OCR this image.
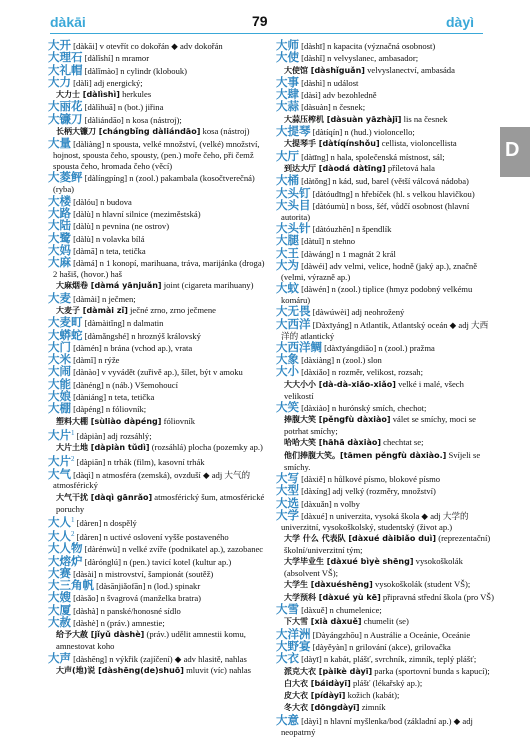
dàkāi	79	dàyì
D
大开 [dàkāi] v otevřít co dokořán ◆ adv dokořán
大理石 [dàlǐshí] n mramor
大礼帽 [dàlǐmào] n cylindr (klobouk)
大力 [dàlì] adj energický;
大力士 [dàlìshì] herkules
大丽花 [dàlìhuā] n (bot.) jiřina
大镰刀 [dàliándāo] n kosa (nástroj);
长柄大镰刀 [chángbǐng dàliándāo] kosa (nástroj)
大量 [dàliàng] n spousta, velké množství, (velké) množství, hojnost, spousta čeho, spousty, (pen.) moře čeho, při čemž spousta čeho, hromada čeho (věcí)
大菱鲆 [dàlíngpíng] n (zool.) pakambala (kosočtverečná) (ryba)
大楼 [dàlóu] n budova
大路 [dàlù] n hlavní silnice (meziměstská)
大陆 [dàlù] n pevnina (ne ostrov)
大鹭 [dàlù] n volavka bílá
大妈 [dàmā] n teta, tetička
大麻 [dàmá] n 1 konopí, marihuana, tráva, marijánka (droga) 2 hašiš, (hovor.) haš
大麻烟卷 [dàmá yānjuǎn] joint (cigareta marihuany)
大麦 [dàmài] n ječmen;
大麦子 [dàmài zǐ] ječné zrno, zrno ječmene
大麦町 [dàmàitǐng] n dalmatin
大蟒蛇 [dàmǎngshé] n hroznýš královský
大门 [dàmén] n brána (vchod ap.), vrata
大米 [dàmǐ] n rýže
大闹 [dànào] v vyvádět (zuřivě ap.), šílet, být v amoku
大能 [dànéng] n (náb.) Všemohoucí
大娘 [dàniáng] n teta, tetička
大棚 [dàpéng] n fóliovník;
塑料大棚 [sùliào dàpéng] fóliovník
大片$^1$ [dàpiàn] adj rozsáhlý;
大片土地 [dàpiàn tǔdì] (rozsáhlá) plocha (pozemky ap.)
大片$^2$ [dàpiān] n trhák (film), kasovní trhák
大气 [dàqì] n atmosféra (zemská), ovzduší ◆ adj 大气的 atmosférický
大气干扰 [dàqì gānrǎo] atmosférický šum, atmosférické poruchy
大人$^1$ [dàren] n dospělý
大人$^2$ [dàren] n uctivé oslovení vyšše postaveného
大人物 [dàrénwù] n velké zvíře (podnikatel ap.), zazobanec
大熔炉 [dàróng​lú] n (pen.) tavicí kotel (kultur ap.)
大赛 [dàsài] n mistrovství, šampionát (soutěž)
大三角帆 [dàsānjiǎofān] n (lod.) spinakr
大嫂 [dàsǎo] n švagrová (manželka bratra)
大厦 [dàshà] n panské/honosné sídlo
大赦 [dàshè] n (práv.) amnestie;
给予大赦 [jǐyǔ dàshè] (práv.) udělit amnestii komu, amnestovat koho
大声 [dàshēng] n výkřik (zajíčení) ◆ adv hlasitě, nahlas
大声(地)说 [dàshēng(de)shuō] mluvit (víc) nahlas
大师 [dàshī] n kapacita (význačná osobnost)
大使 [dàshǐ] n velvyslanec, ambasador;
大使馆 [dàshǐguǎn] velvyslanectví, ambasáda
大事 [dàshì] n událost
大肆 [dàsì] adv bezohledně
大蒜 [dàsuàn] n česnek;
大蒜压榨机 [dàsuàn yāzhàjī] lis na česnek
大提琴 [dàtíqín] n (hud.) violoncello;
大提琴手 [dàtíqínshǒu] cellista, violoncellista
大厅 [dàtīng] n hala, společenská místnost, sál;
到达大厅 [dàodá dàtīng] příletová hala
大桶 [dàtǒng] n kád, sud, barel (větší válcová nádoba)
大头钉 [dàtóudīng] n hřebíček (hl. s velkou hlavičkou)
大头目 [dàtóumù] n boss, šéf, vůdčí osobnost (hlavní autorita)
大头针 [dàtóuzhēn] n špendlík
大腿 [dàtuǐ] n stehno
大王 [dàwáng] n 1 magnát 2 král
大为 [dàwéi] adv velmi, velice, hodně (jaký ap.), značně (velmi, výrazně ap.)
大蚊 [dàwén] n (zool.) tiplice (hmyz podobný velkému komáru)
大无畏 [dàwúwèi] adj neohrožený
大西洋 [Dàxīyáng] n Atlantik, Atlantský oceán ◆ adj 大西洋的 atlantický
大西洋鲷 [dàxīyángdiāo] n (zool.) pražma
大象 [dàxiàng] n (zool.) slon
大小 [dàxiǎo] n rozměr, velikost, rozsah;
大大小小 [dà-dà-xiǎo-xiǎo] velké i malé, všech velikostí
大笑 [dàxiào] n hurónský smích, chechot;
捧腹大笑 [pěngfù dàxiào] válet se smíchy, moci se potrhat smíchy;
哈哈大笑 [hāhā dàxiào] chechtat se;
他们捧腹大笑。[tāmen pěngfù dàxiào.] Svíjeli se smíchy.
大写 [dàxiě] n hůlkové písmo, blokové písmo
大型 [dàxíng] adj velký (rozměry, množství)
大选 [dàxuǎn] n volby
大学 [dàxué] n univerzita, vysoká škola ◆ adj 大学的 univerzitní, vysokoškolský, studentský (život ap.)
大学 什么 代表队 [dàxué dàibiǎo duì] (reprezentační) školní/univerzitní tým;
大学毕业生 [dàxué bìyè shēng] vysokoškolák (absolvent VŠ);
大学生 [dàxuéshēng] vysokoškolák (student VŠ);
大学预科 [dàxué yù kē] připravná střední škola (pro VŠ)
大雪 [dàxuě] n chumelenice;
下大雪 [xià dàxuě] chumelit (se)
大洋洲 [Dàyángzhōu] n Austrálie a Oceánie, Oceánie
大野宴 [dàyěyàn] n grilování (akce), grilovačka
大衣 [dàyī] n kabát, plášť, svrchník, zimník, teplý plášť;
派克大衣 [pàikè dàyī] parka (sportovní bunda s kapucí);
白大衣 [báidàyī] plášť (lékařský ap.);
皮大衣 [pídàyī] kožich (kabát);
冬大衣 [dōngdàyī] zimník
大意 [dàyì] n hlavní myšlenka/bod (základní ap.) ◆ adj neopatrný
